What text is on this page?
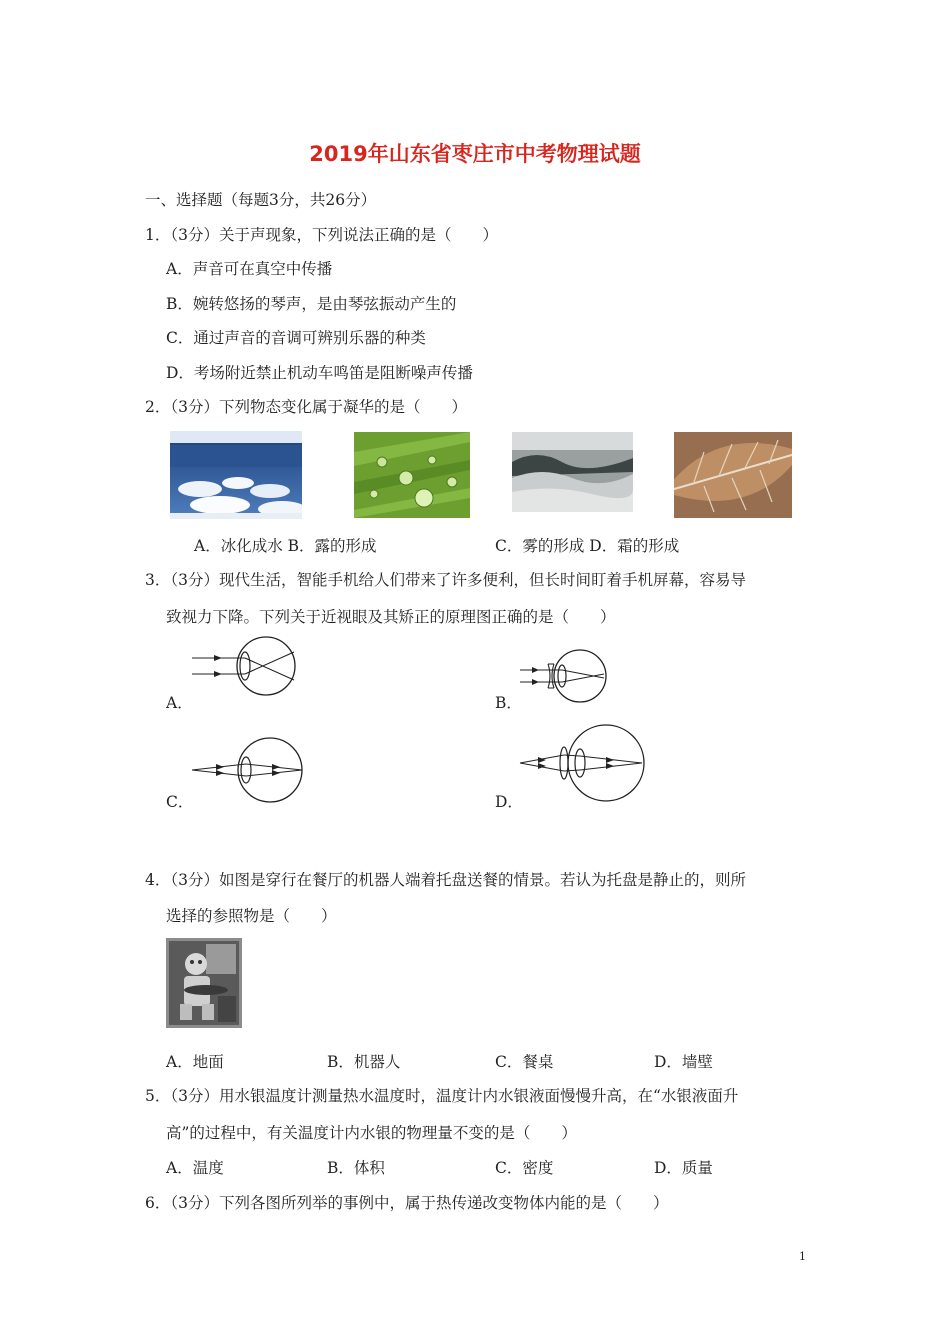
2019年山东省枣庄市中考物理试题
一、选择题（每题3分，共26分）
1．（3分）关于声现象，下列说法正确的是（　　）
A．声音可在真空中传播
B．婉转悠扬的琴声，是由琴弦振动产生的
C．通过声音的音调可辨别乐器的种类
D．考场附近禁止机动车鸣笛是阻断噪声传播
2．（3分）下列物态变化属于凝华的是（　　）
A．冰化成水 B．露的形成	C．雾的形成 D．霜的形成
3．（3分）现代生活，智能手机给人们带来了许多便利，但长时间盯着手机屏幕，容易导
致视力下降。下列关于近视眼及其矫正的原理图正确的是（　　）
A．	B．
C．	D．
4．（3分）如图是穿行在餐厅的机器人端着托盘送餐的情景。若认为托盘是静止的，则所
选择的参照物是（　　）
A．地面	B．机器人	C．餐桌	D．墙壁
5．（3分）用水银温度计测量热水温度时，温度计内水银液面慢慢升高，在“水银液面升
高”的过程中，有关温度计内水银的物理量不变的是（　　）
A．温度	B．体积	C．密度	D．质量
6．（3分）下列各图所列举的事例中，属于热传递改变物体内能的是（　　）
1
